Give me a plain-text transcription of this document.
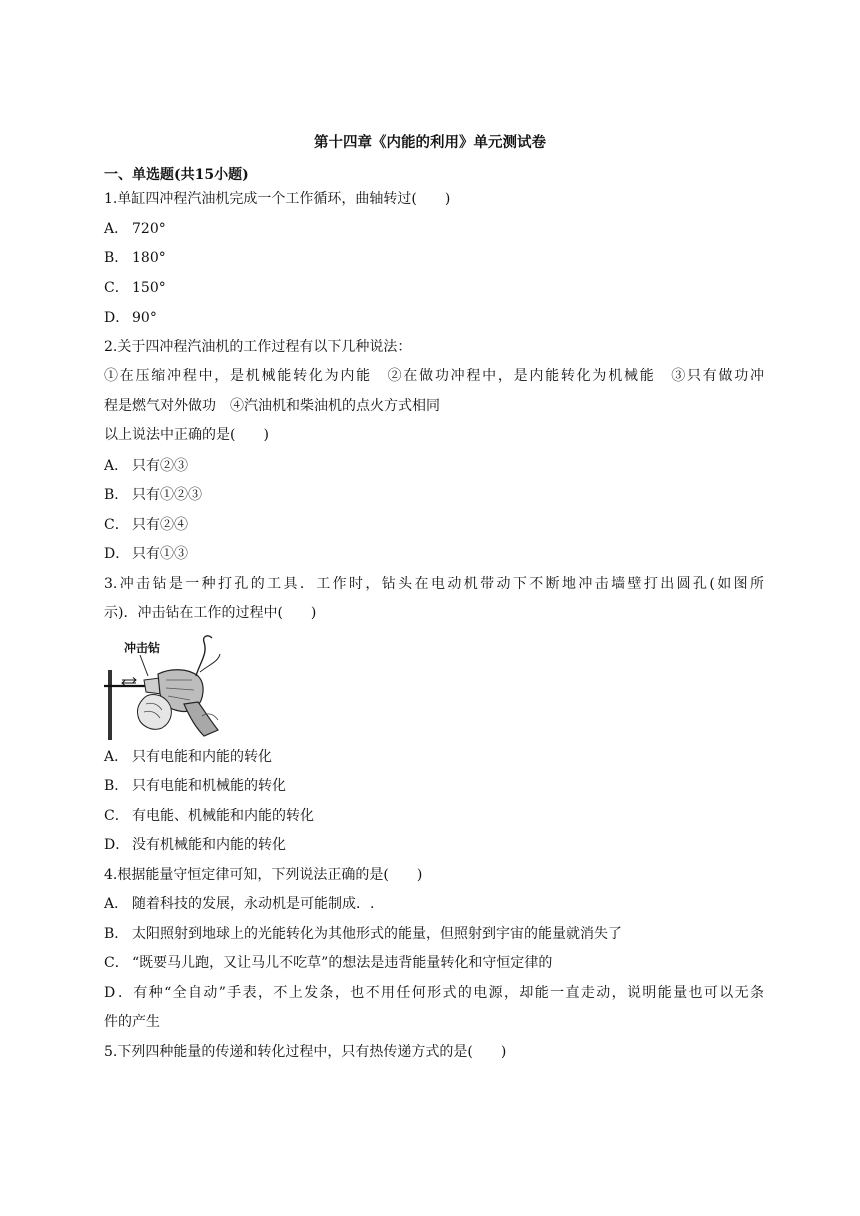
第十四章《内能的利用》单元测试卷
一、单选题(共15小题)
1.单缸四冲程汽油机完成一个工作循环，曲轴转过(　　)
A． 720°
B． 180°
C． 150°
D． 90°
2.关于四冲程汽油机的工作过程有以下几种说法：
①在压缩冲程中，是机械能转化为内能　②在做功冲程中，是内能转化为机械能　③只有做功冲
程是燃气对外做功　④汽油机和柴油机的点火方式相同
以上说法中正确的是(　　)
A． 只有②③
B． 只有①②③
C． 只有②④
D． 只有①③
3.冲击钻是一种打孔的工具．工作时，钻头在电动机带动下不断地冲击墙壁打出圆孔(如图所
示)．冲击钻在工作的过程中(　　)
冲击钻
A． 只有电能和内能的转化
B． 只有电能和机械能的转化
C． 有电能、机械能和内能的转化
D． 没有机械能和内能的转化
4.根据能量守恒定律可知，下列说法正确的是(　　)
A． 随着科技的发展，永动机是可能制成．.
B． 太阳照射到地球上的光能转化为其他形式的能量，但照射到宇宙的能量就消失了
C． “既要马儿跑，又让马儿不吃草”的想法是违背能量转化和守恒定律的
D．有种“全自动”手表，不上发条，也不用任何形式的电源，却能一直走动，说明能量也可以无条
件的产生
5.下列四种能量的传递和转化过程中，只有热传递方式的是(　　)
